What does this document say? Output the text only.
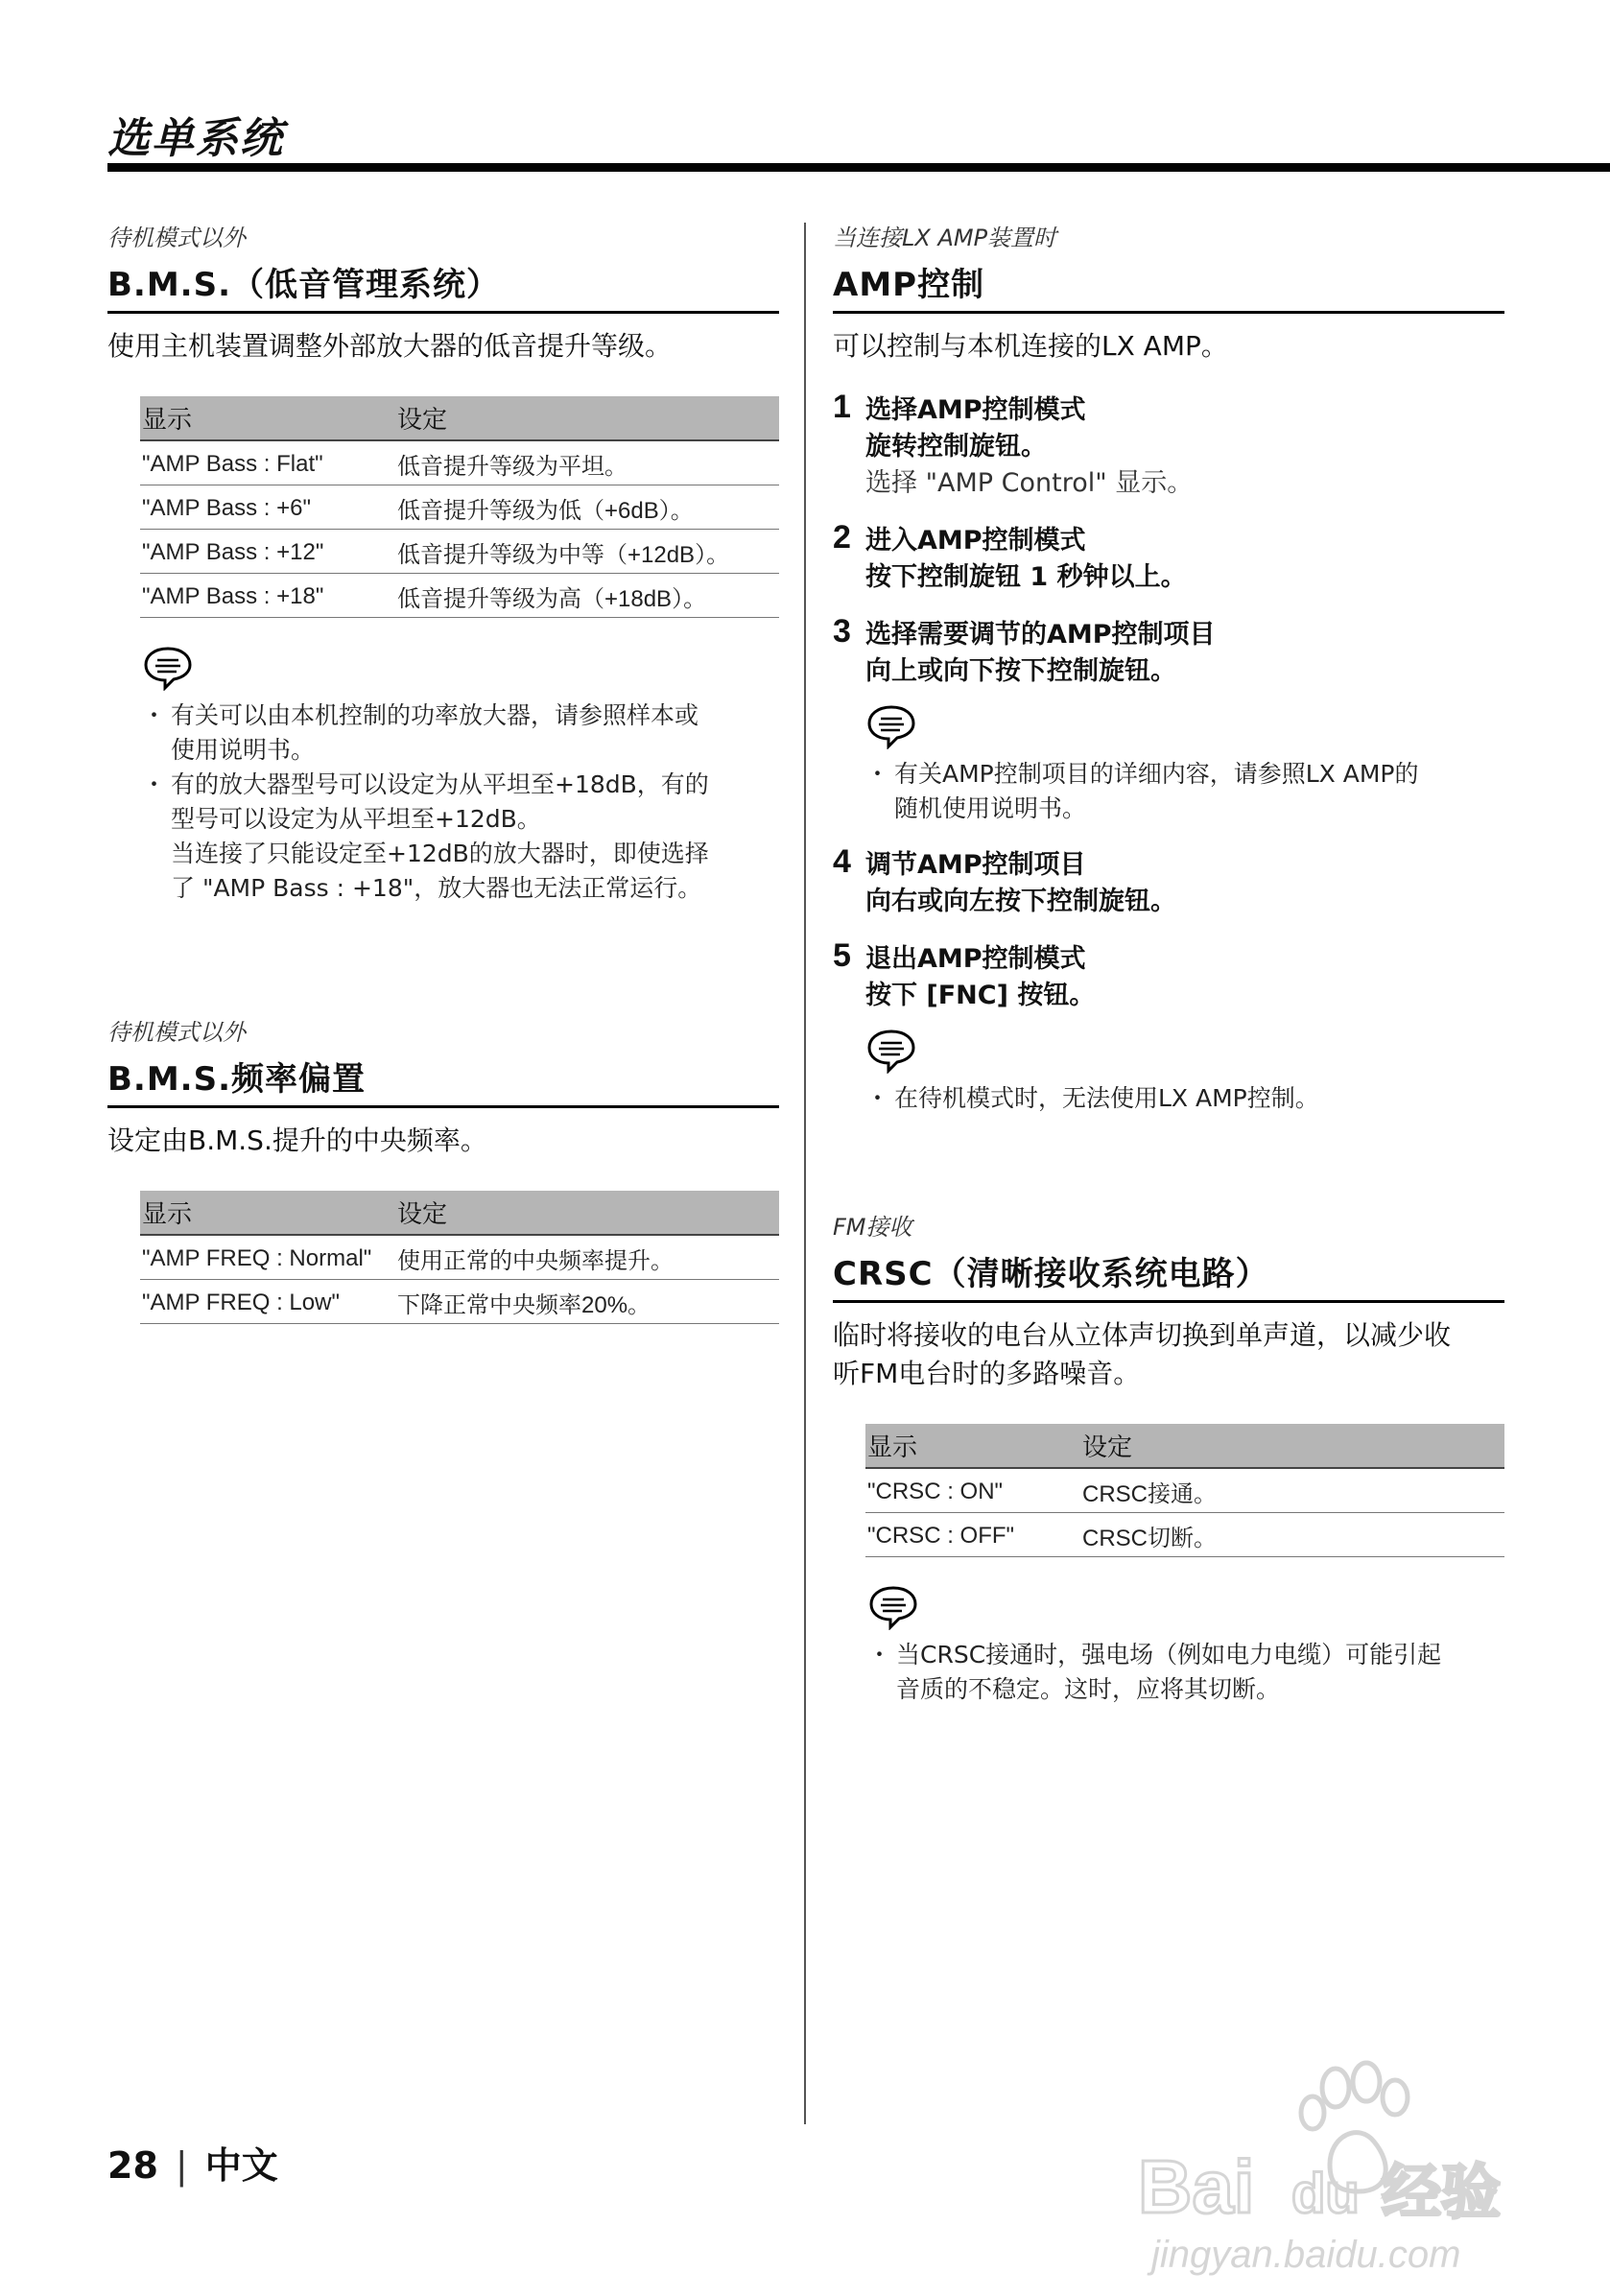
选单系统
待机模式以外
B.M.S.（低音管理系统）
使用主机装置调整外部放大器的低音提升等级。
显示	设定
"AMP Bass : Flat"	低音提升等级为平坦。
"AMP Bass : +6"	低音提升等级为低（+6dB）。
"AMP Bass : +12"	低音提升等级为中等（+12dB）。
"AMP Bass : +18"	低音提升等级为高（+18dB）。
・ 有关可以由本机控制的功率放大器，请参照样本或
使用说明书。
・ 有的放大器型号可以设定为从平坦至+18dB，有的
型号可以设定为从平坦至+12dB。
当连接了只能设定至+12dB的放大器时，即使选择
了 "AMP Bass : +18"，放大器也无法正常运行。
待机模式以外
B.M.S.频率偏置
设定由B.M.S.提升的中央频率。
显示	设定
"AMP FREQ : Normal"	使用正常的中央频率提升。
"AMP FREQ : Low"	下降正常中央频率20%。
当连接LX AMP装置时
AMP控制
可以控制与本机连接的LX AMP。
1 选择AMP控制模式
旋转控制旋钮。
选择 "AMP Control" 显示。
2 进入AMP控制模式
按下控制旋钮 1 秒钟以上。
3 选择需要调节的AMP控制项目
向上或向下按下控制旋钮。
・ 有关AMP控制项目的详细内容，请参照LX AMP的
随机使用说明书。
4 调节AMP控制项目
向右或向左按下控制旋钮。
5 退出AMP控制模式
按下 [FNC] 按钮。
・ 在待机模式时，无法使用LX AMP控制。
FM接收
CRSC（清晰接收系统电路）
临时将接收的电台从立体声切换到单声道，以减少收
听FM电台时的多路噪音。
显示	设定
"CRSC : ON"	CRSC接通。
"CRSC : OFF"	CRSC切断。
・ 当CRSC接通时，强电场（例如电力电缆）可能引起
音质的不稳定。这时，应将其切断。
28 | 中文	Bai du 经验
jingyan.baidu.com
